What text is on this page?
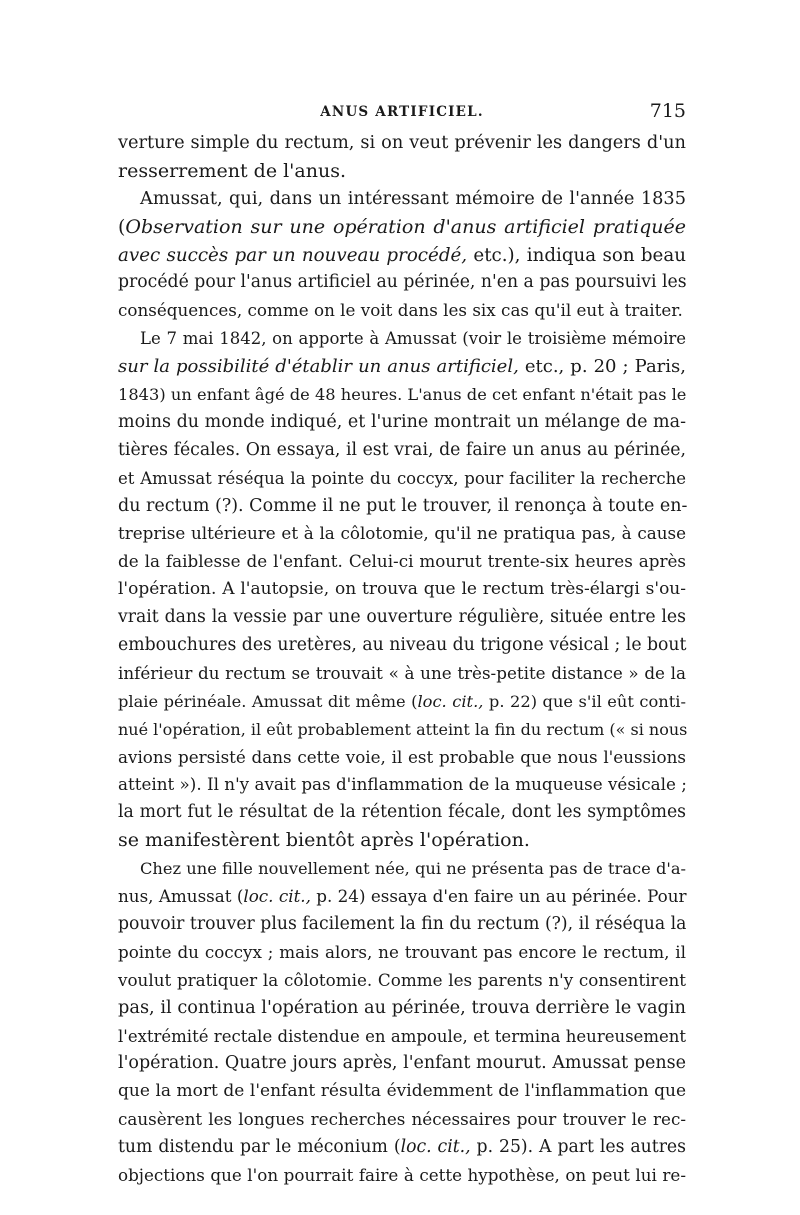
ANUS ARTIFICIEL.	715
verture simple du rectum, si on veut prévenir les dangers d'un
resserrement de l'anus.
Amussat, qui, dans un intéressant mémoire de l'année 1835
(Observation sur une opération d'anus artificiel pratiquée
avec succès par un nouveau procédé, etc.), indiqua son beau
procédé pour l'anus artificiel au périnée, n'en a pas poursuivi les
conséquences, comme on le voit dans les six cas qu'il eut à traiter.
Le 7 mai 1842, on apporte à Amussat (voir le troisième mémoire
sur la possibilité d'établir un anus artificiel, etc., p. 20 ; Paris,
1843) un enfant âgé de 48 heures. L'anus de cet enfant n'était pas le
moins du monde indiqué, et l'urine montrait un mélange de ma-
tières fécales. On essaya, il est vrai, de faire un anus au périnée,
et Amussat réséqua la pointe du coccyx, pour faciliter la recherche
du rectum (?). Comme il ne put le trouver, il renonça à toute en-
treprise ultérieure et à la côlotomie, qu'il ne pratiqua pas, à cause
de la faiblesse de l'enfant. Celui-ci mourut trente-six heures après
l'opération. A l'autopsie, on trouva que le rectum très-élargi s'ou-
vrait dans la vessie par une ouverture régulière, située entre les
embouchures des uretères, au niveau du trigone vésical ; le bout
inférieur du rectum se trouvait « à une très-petite distance » de la
plaie périnéale. Amussat dit même (loc. cit., p. 22) que s'il eût conti-
nué l'opération, il eût probablement atteint la fin du rectum (« si nous
avions persisté dans cette voie, il est probable que nous l'eussions
atteint »). Il n'y avait pas d'inflammation de la muqueuse vésicale ;
la mort fut le résultat de la rétention fécale, dont les symptômes
se manifestèrent bientôt après l'opération.
Chez une fille nouvellement née, qui ne présenta pas de trace d'a-
nus, Amussat (loc. cit., p. 24) essaya d'en faire un au périnée. Pour
pouvoir trouver plus facilement la fin du rectum (?), il réséqua la
pointe du coccyx ; mais alors, ne trouvant pas encore le rectum, il
voulut pratiquer la côlotomie. Comme les parents n'y consentirent
pas, il continua l'opération au périnée, trouva derrière le vagin
l'extrémité rectale distendue en ampoule, et termina heureusement
l'opération. Quatre jours après, l'enfant mourut. Amussat pense
que la mort de l'enfant résulta évidemment de l'inflammation que
causèrent les longues recherches nécessaires pour trouver le rec-
tum distendu par le méconium (loc. cit., p. 25). A part les autres
objections que l'on pourrait faire à cette hypothèse, on peut lui re-
